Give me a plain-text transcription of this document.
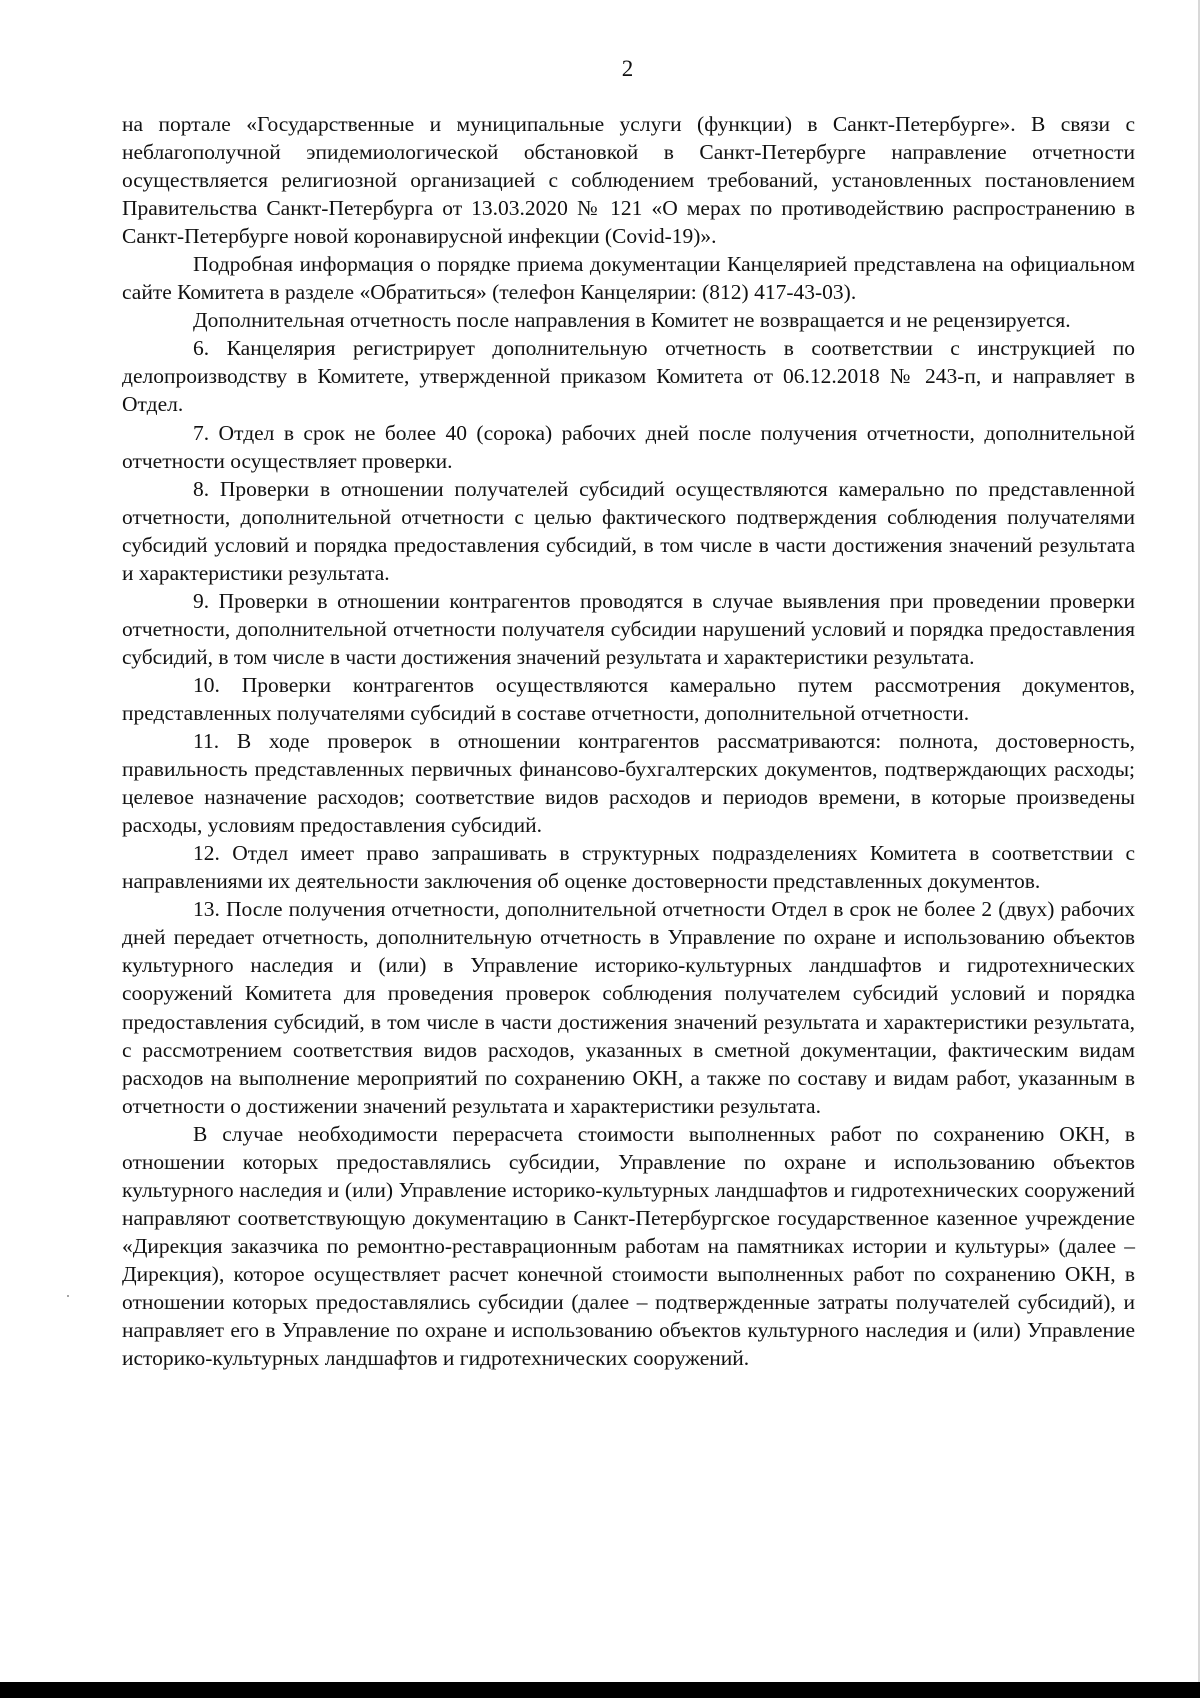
2

на портале «Государственные и муниципальные услуги (функции) в Санкт-Петербурге». В связи с неблагополучной эпидемиологической обстановкой в Санкт-Петербурге направление отчетности осуществляется религиозной организацией с соблюдением требований, установленных постановлением Правительства Санкт-Петербурга от 13.03.2020 № 121 «О мерах по противодействию распространению в Санкт-Петербурге новой коронавирусной инфекции (Covid-19)».

Подробная информация о порядке приема документации Канцелярией представлена на официальном сайте Комитета в разделе «Обратиться» (телефон Канцелярии: (812) 417-43-03).

Дополнительная отчетность после направления в Комитет не возвращается и не рецензируется.

6. Канцелярия регистрирует дополнительную отчетность в соответствии с инструкцией по делопроизводству в Комитете, утвержденной приказом Комитета от 06.12.2018 № 243-п, и направляет в Отдел.

7. Отдел в срок не более 40 (сорока) рабочих дней после получения отчетности, дополнительной отчетности осуществляет проверки.

8. Проверки в отношении получателей субсидий осуществляются камерально по представленной отчетности, дополнительной отчетности с целью фактического подтверждения соблюдения получателями субсидий условий и порядка предоставления субсидий, в том числе в части достижения значений результата и характеристики результата.

9. Проверки в отношении контрагентов проводятся в случае выявления при проведении проверки отчетности, дополнительной отчетности получателя субсидии нарушений условий и порядка предоставления субсидий, в том числе в части достижения значений результата и характеристики результата.

10. Проверки контрагентов осуществляются камерально путем рассмотрения документов, представленных получателями субсидий в составе отчетности, дополнительной отчетности.

11. В ходе проверок в отношении контрагентов рассматриваются: полнота, достоверность, правильность представленных первичных финансово-бухгалтерских документов, подтверждающих расходы; целевое назначение расходов; соответствие видов расходов и периодов времени, в которые произведены расходы, условиям предоставления субсидий.

12. Отдел имеет право запрашивать в структурных подразделениях Комитета в соответствии с направлениями их деятельности заключения об оценке достоверности представленных документов.

13. После получения отчетности, дополнительной отчетности Отдел в срок не более 2 (двух) рабочих дней передает отчетность, дополнительную отчетность в Управление по охране и использованию объектов культурного наследия и (или) в Управление историко-культурных ландшафтов и гидротехнических сооружений Комитета для проведения проверок соблюдения получателем субсидий условий и порядка предоставления субсидий, в том числе в части достижения значений результата и характеристики результата, с рассмотрением соответствия видов расходов, указанных в сметной документации, фактическим видам расходов на выполнение мероприятий по сохранению ОКН, а также по составу и видам работ, указанным в отчетности о достижении значений результата и характеристики результата.

В случае необходимости перерасчета стоимости выполненных работ по сохранению ОКН, в отношении которых предоставлялись субсидии, Управление по охране и использованию объектов культурного наследия и (или) Управление историко-культурных ландшафтов и гидротехнических сооружений направляют соответствующую документацию в Санкт-Петербургское государственное казенное учреждение «Дирекция заказчика по ремонтно-реставрационным работам на памятниках истории и культуры» (далее – Дирекция), которое осуществляет расчет конечной стоимости выполненных работ по сохранению ОКН, в отношении которых предоставлялись субсидии (далее – подтвержденные затраты получателей субсидий), и направляет его в Управление по охране и использованию объектов культурного наследия и (или) Управление историко-культурных ландшафтов и гидротехнических сооружений.
